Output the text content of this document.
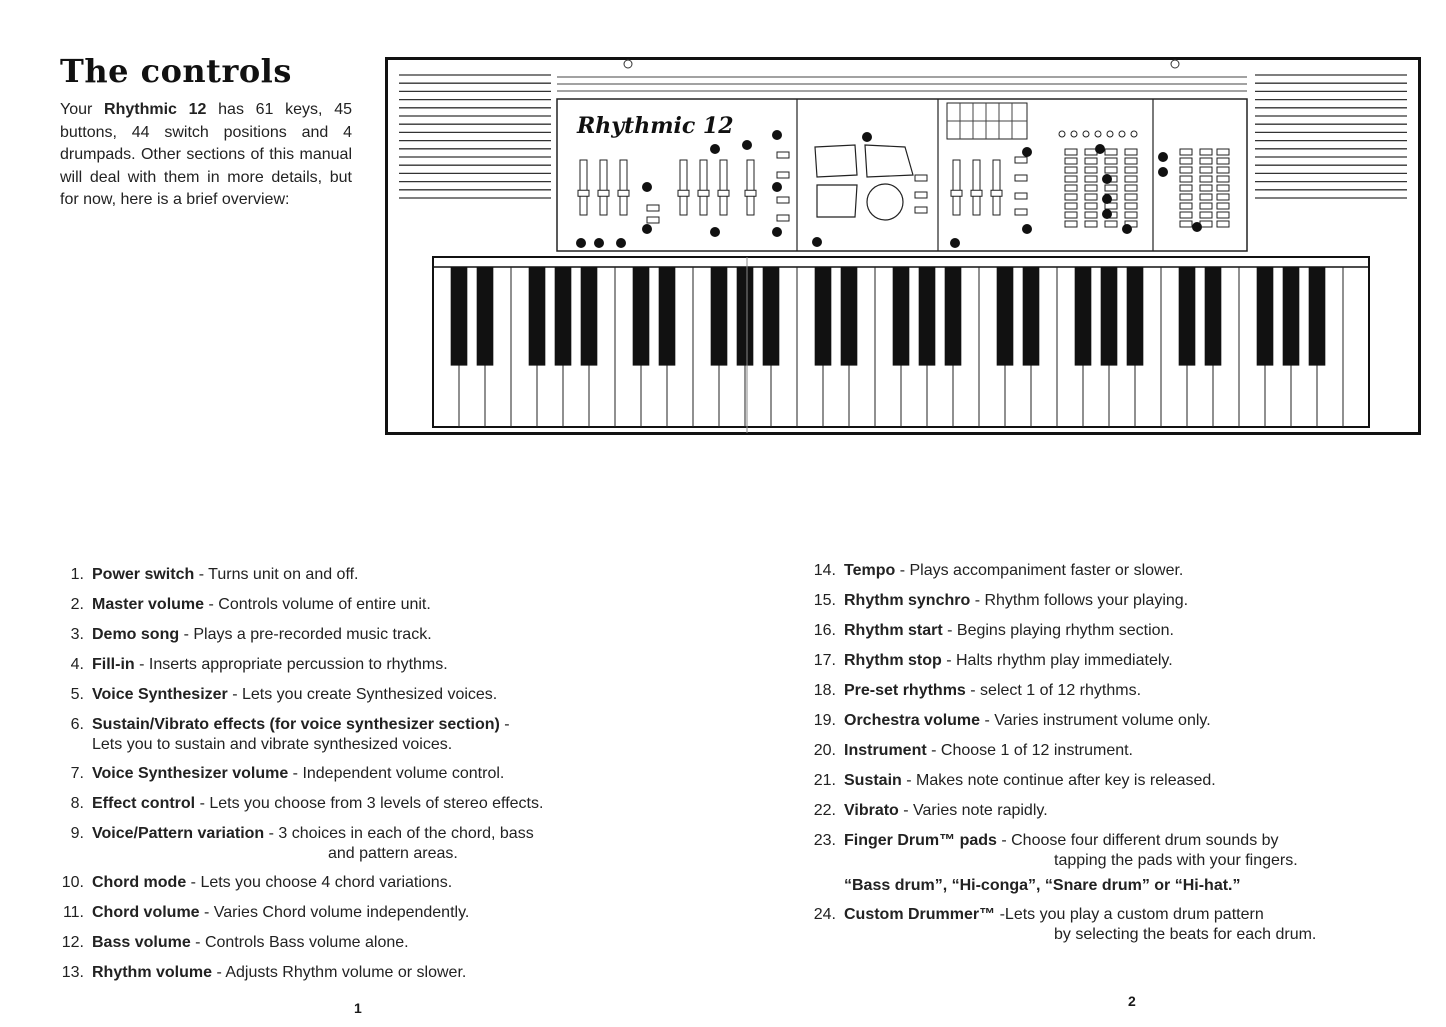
The controls

Your Rhythmic 12 has 61 keys, 45 buttons, 44 switch positions and 4 drumpads. Other sections of this manual will deal with them in more details, but for now, here is a brief overview:

Rhythmic 12
1. Power switch - Turns unit on and off.
2. Master volume - Controls volume of entire unit.
3. Demo song - Plays a pre-recorded music track.
4. Fill-in - Inserts appropriate percussion to rhythms.
5. Voice Synthesizer - Lets you create Synthesized voices.
6. Sustain/Vibrato effects (for voice synthesizer section) -
Lets you to sustain and vibrate synthesized voices.
7. Voice Synthesizer volume - Independent volume control.
8. Effect control - Lets you choose from 3 levels of stereo effects.
9. Voice/Pattern variation - 3 choices in each of the chord, bass
and pattern areas.
10. Chord mode - Lets you choose 4 chord variations.
11. Chord volume - Varies Chord volume independently.
12. Bass volume - Controls Bass volume alone.
13. Rhythm volume - Adjusts Rhythm volume or slower.
14. Tempo - Plays accompaniment faster or slower.
15. Rhythm synchro - Rhythm follows your playing.
16. Rhythm start - Begins playing rhythm section.
17. Rhythm stop - Halts rhythm play immediately.
18. Pre-set rhythms - select 1 of 12 rhythms.
19. Orchestra volume - Varies instrument volume only.
20. Instrument - Choose 1 of 12 instrument.
21. Sustain - Makes note continue after key is released.
22. Vibrato - Varies note rapidly.
23. Finger Drum™ pads - Choose four different drum sounds by
tapping the pads with your fingers.
“Bass drum”, “Hi-conga”, “Snare drum” or “Hi-hat.”
24. Custom Drummer™ -Lets you play a custom drum pattern
by selecting the beats for each drum.
1	2
